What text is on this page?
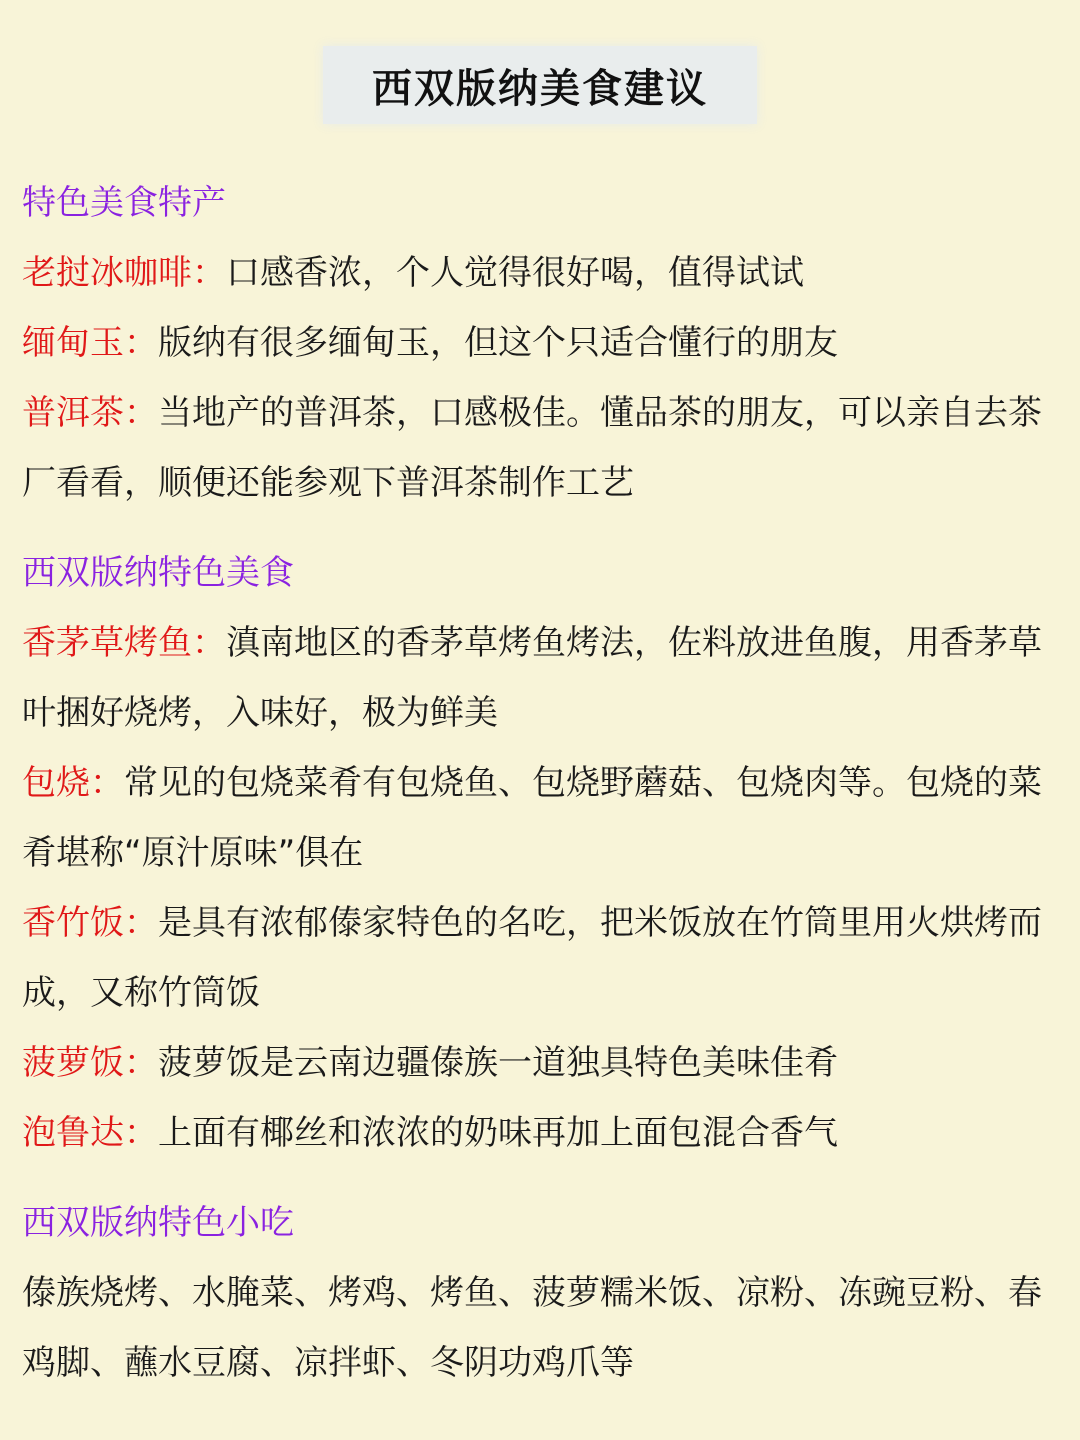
西双版纳美食建议
特色美食特产
老挝冰咖啡：口感香浓，个人觉得很好喝，值得试试
缅甸玉：版纳有很多缅甸玉，但这个只适合懂行的朋友
普洱茶：当地产的普洱茶，口感极佳。懂品茶的朋友，可以亲自去茶厂看看，顺便还能参观下普洱茶制作工艺
西双版纳特色美食
香茅草烤鱼：滇南地区的香茅草烤鱼烤法，佐料放进鱼腹，用香茅草叶捆好烧烤，入味好，极为鲜美
包烧：常见的包烧菜肴有包烧鱼、包烧野蘑菇、包烧肉等。包烧的菜肴堪称“原汁原味”俱在
香竹饭：是具有浓郁傣家特色的名吃，把米饭放在竹筒里用火烘烤而成，又称竹筒饭
菠萝饭：菠萝饭是云南边疆傣族一道独具特色美味佳肴
泡鲁达：上面有椰丝和浓浓的奶味再加上面包混合香气
西双版纳特色小吃
傣族烧烤、水腌菜、烤鸡、烤鱼、菠萝糯米饭、凉粉、冻豌豆粉、春鸡脚、蘸水豆腐、凉拌虾、冬阴功鸡爪等
